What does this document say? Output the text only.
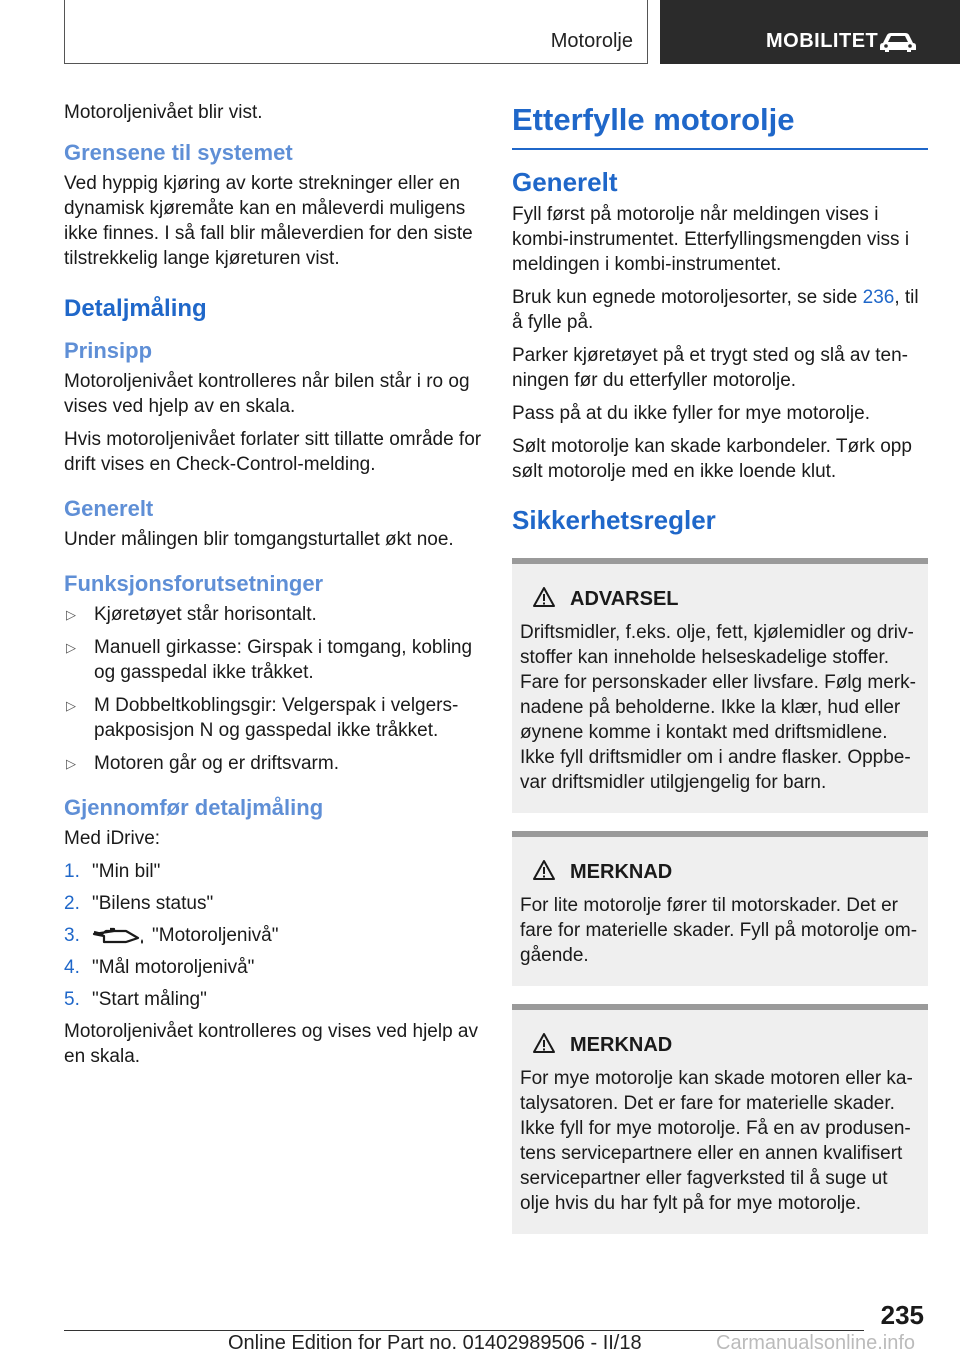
Motorolje	MOBILITET

Motoroljenivået blir vist.

Grensene til systemet

Ved hyppig kjøring av korte strekninger eller en dynamisk kjøremåte kan en måleverdi muligens ikke finnes. I så fall blir måleverdien for den siste tilstrekkelig lange kjøreturen vist.

Detaljmåling
Prinsipp

Motoroljenivået kontrolleres når bilen står i ro og vises ved hjelp av en skala.

Hvis motoroljenivået forlater sitt tillatte område for drift vises en Check-Control-melding.

Generelt

Under målingen blir tomgangsturtallet økt noe.

Funksjonsforutsetninger
▷ Kjøretøyet står horisontalt.
▷ Manuell girkasse: Girspak i tomgang, kobling og gasspedal ikke tråkket.
▷ M Dobbeltkoblingsgir: Velgerspak i velgerspakposisjon N og gasspedal ikke tråkket.
▷ Motoren går og er driftsvarm.
Gjennomfør detaljmåling

Med iDrive:

1. "Min bil"
2. "Bilens status"
3.	"Motoroljenivå"
4. "Mål motoroljenivå"
5. "Start måling"

Motoroljenivået kontrolleres og vises ved hjelp av en skala.

Etterfylle motorolje
Generelt

Fyll først på motorolje når meldingen vises i kombi-instrumentet. Etterfyllingsmengden viss i meldingen i kombi-instrumentet.

Bruk kun egnede motoroljesorter, se side 236, til å fylle på.

Parker kjøretøyet på et trygt sted og slå av tenningen før du etterfyller motorolje.

Pass på at du ikke fyller for mye motorolje.

Sølt motorolje kan skade karbondeler. Tørk opp sølt motorolje med en ikke loende klut.

Sikkerhetsregler
ADVARSEL

Driftsmidler, f.eks. olje, fett, kjølemidler og drivstoffer kan inneholde helseskadelige stoffer. Fare for personskader eller livsfare. Følg merknadene på beholderne. Ikke la klær, hud eller øynene komme i kontakt med driftsmidlene. Ikke fyll driftsmidler om i andre flasker. Oppbevar driftsmidler utilgjengelig for barn.

MERKNAD

For lite motorolje fører til motorskader. Det er fare for materielle skader. Fyll på motorolje omgående.

MERKNAD

For mye motorolje kan skade motoren eller katalysatoren. Det er fare for materielle skader. Ikke fyll for mye motorolje. Få en av produsentens servicepartnere eller en annen kvalifisert servicepartner eller fagverksted til å suge ut olje hvis du har fylt på for mye motorolje.

235
Online Edition for Part no. 01402989506 - II/18	Carmanualsonline.info
